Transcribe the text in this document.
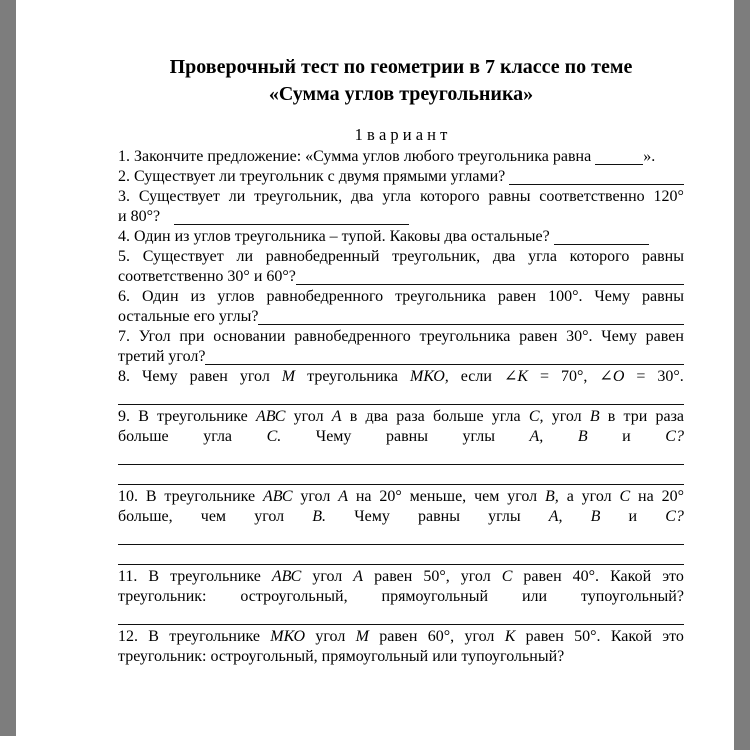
Проверочный тест по геометрии в 7 классе по теме
«Сумма углов треугольника»
1 в а р и а н т
1. Закончите предложение: «Сумма углов любого треугольника равна	».
2. Существует ли треугольник с двумя прямыми углами?
3. Существует ли треугольник, два угла которого равны соответственно 120°
и 80°?
4. Один из углов треугольника – тупой. Каковы два остальные?
5. Существует ли равнобедренный треугольник, два угла которого равны
соответственно 30° и 60°?
6. Один из углов равнобедренного треугольника равен 100°. Чему равны
остальные его углы?
7. Угол при основании равнобедренного треугольника равен 30°. Чему равен
третий угол?
8. Чему равен угол М треугольника МКО, если ∠К = 70°, ∠О = 30°.
9. В треугольнике АВС угол А в два раза больше угла С, угол В в три раза
больше угла С. Чему равны углы А, В и С?
10. В треугольнике АВС угол А на 20° меньше, чем угол В, а угол С на 20°
больше, чем угол В. Чему равны углы А, В и С?
11. В треугольнике АВС угол А равен 50°, угол С равен 40°. Какой это
треугольник: остроугольный, прямоугольный или тупоугольный?
12. В треугольнике МКО угол М равен 60°, угол К равен 50°. Какой это
треугольник: остроугольный, прямоугольный или тупоугольный?
